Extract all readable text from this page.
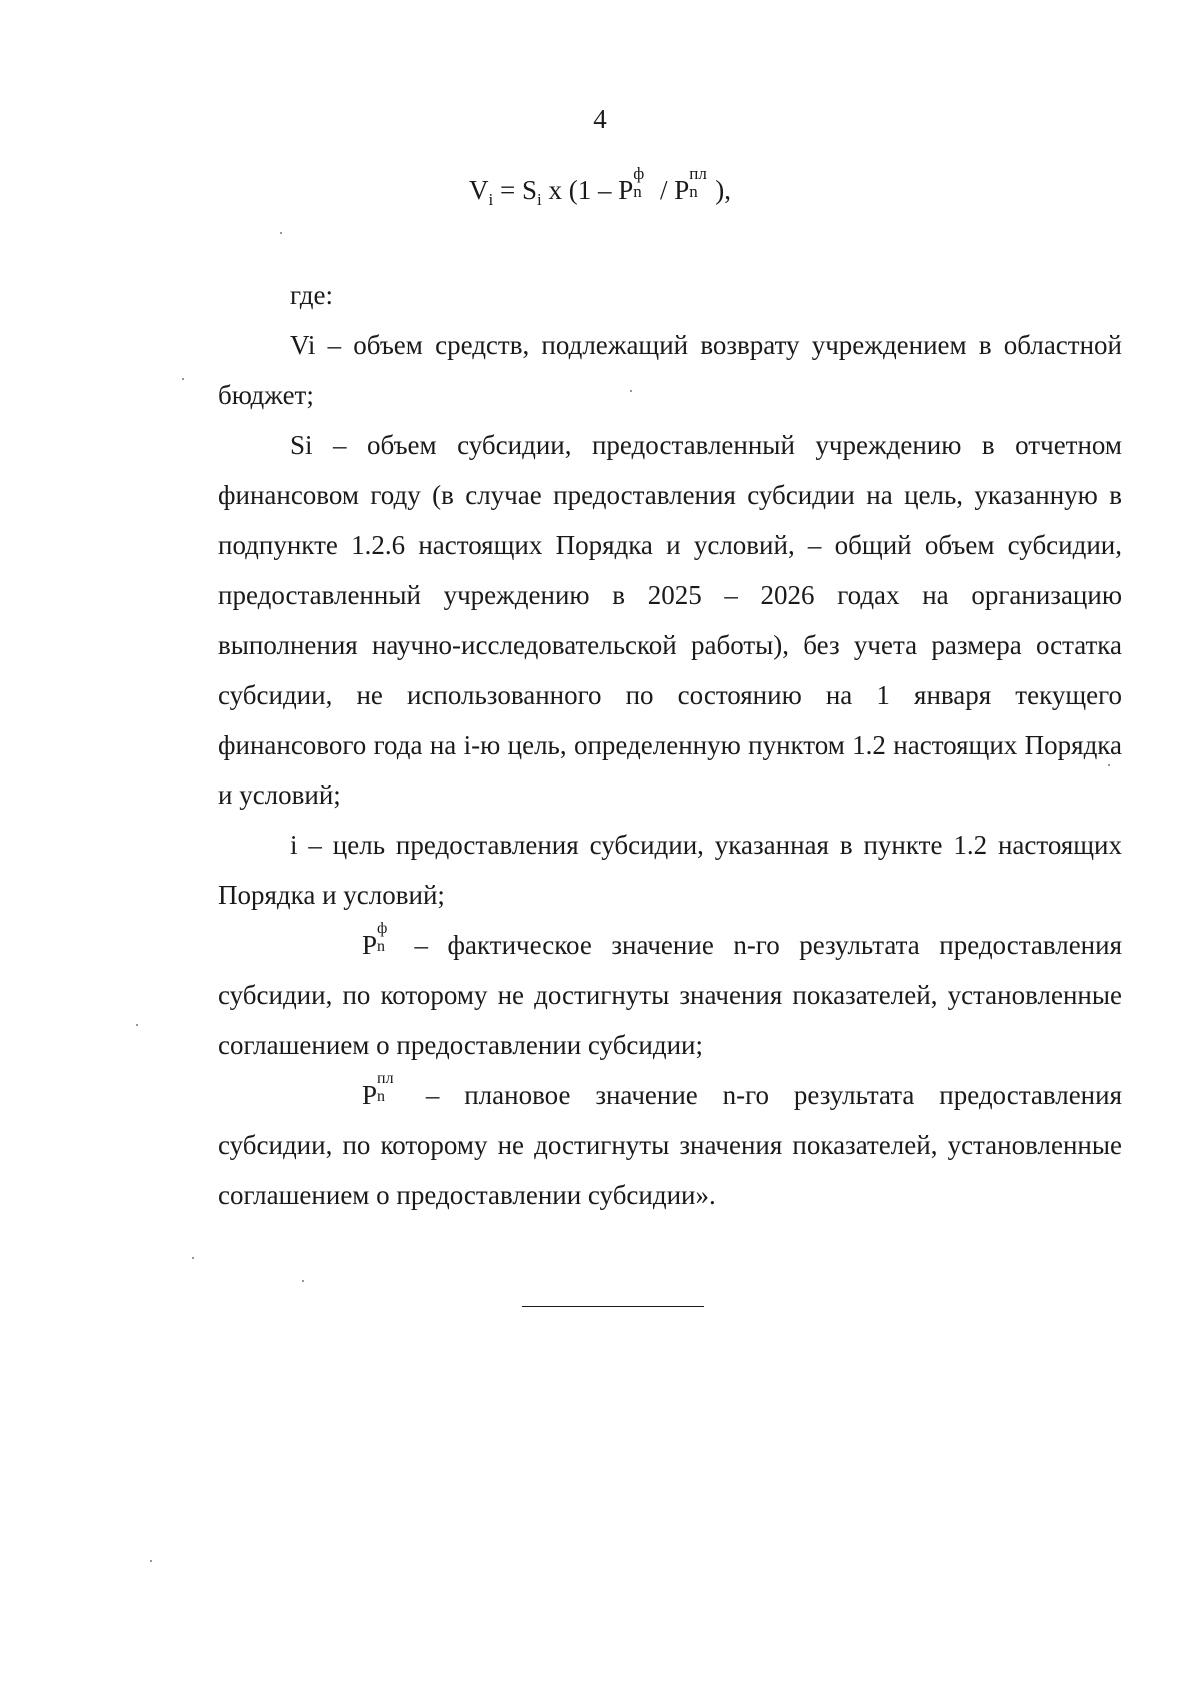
4
$V_i = S_i$ x (1 – P
ф
n / P
пл
n ),

где:

Vi – объем средств, подлежащий возврату учреждением в областной бюджет;

Si – объем субсидии, предоставленный учреждению в отчетном финансовом году (в случае предоставления субсидии на цель, указанную в подпункте 1.2.6 настоящих Порядка и условий, – общий объем субсидии, предоставленный учреждению в 2025 – 2026 годах на организацию выполнения научно-исследовательской работы), без учета размера остатка субсидии, не использованного по состоянию на 1 января текущего финансового года на i-ю цель, определенную пунктом 1.2 настоящих Порядка и условий;

i – цель предоставления субсидии, указанная в пункте 1.2 настоящих Порядка и условий;

P
ф
n – фактическое значение n-го результата предоставления субсидии, по которому не достигнуты значения показателей, установленные соглашением о предоставлении субсидии;

P
пл
n – плановое значение n-го результата предоставления субсидии, по которому не достигнуты значения показателей, установленные соглашением о предоставлении субсидии».
